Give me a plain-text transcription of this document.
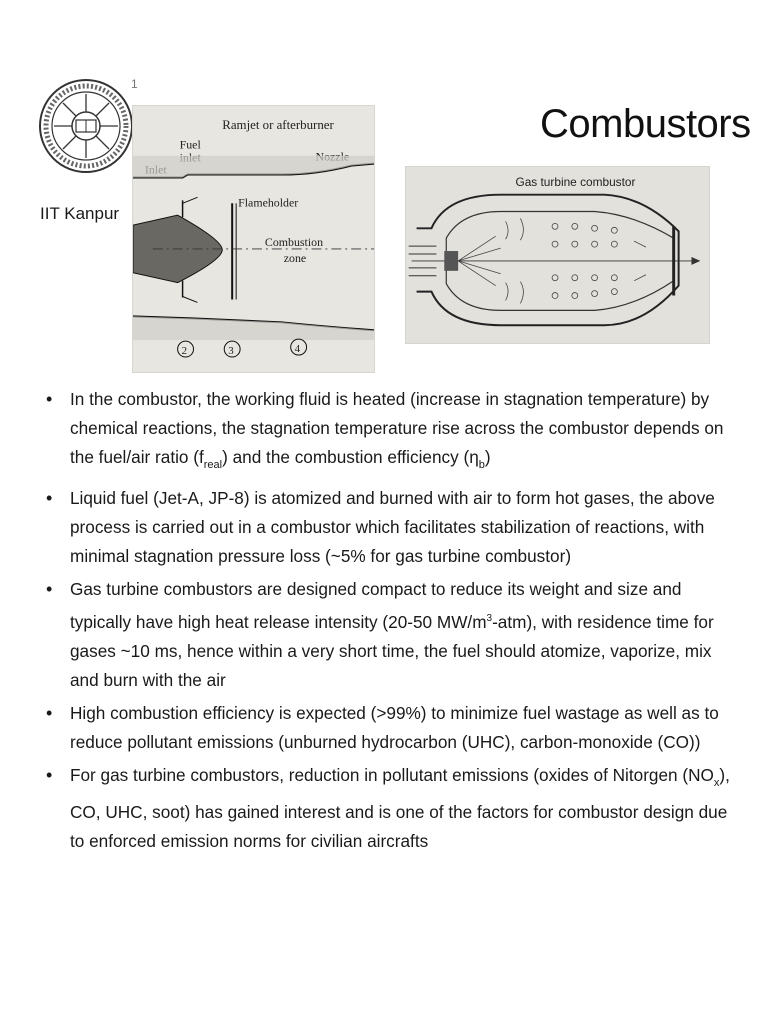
1
IIT Kanpur
Combustors
Ramjet or afterburner
Fuel
Flameholder
Combustion
zone
2	3	4
Gas turbine combustor
• In the combustor, the working fluid is heated (increase in stagnation temperature) by chemical reactions, the stagnation temperature rise across the combustor depends on the fuel/air ratio $(f_{real})$ and the combustion efficiency $(\eta_b)$
• Liquid fuel (Jet-A, JP-8) is atomized and burned with air to form hot gases, the above process is carried out in a combustor which facilitates stabilization of reactions, with minimal stagnation pressure loss (~5% for gas turbine combustor)
• Gas turbine combustors are designed compact to reduce its weight and size and typically have high heat release intensity (20-50 $MW/m^3-atm$), with residence time for gases ~10 ms, hence within a very short time, the fuel should atomize, vaporize, mix and burn with the air
• High combustion efficiency is expected (>99%) to minimize fuel wastage as well as to reduce pollutant emissions (unburned hydrocarbon (UHC), carbon-monoxide (CO))
• For gas turbine combustors, reduction in pollutant emissions (oxides of Nitorgen $(NO_x)$, CO, UHC, soot) has gained interest and is one of the factors for combustor design due to enforced emission norms for civilian aircrafts
